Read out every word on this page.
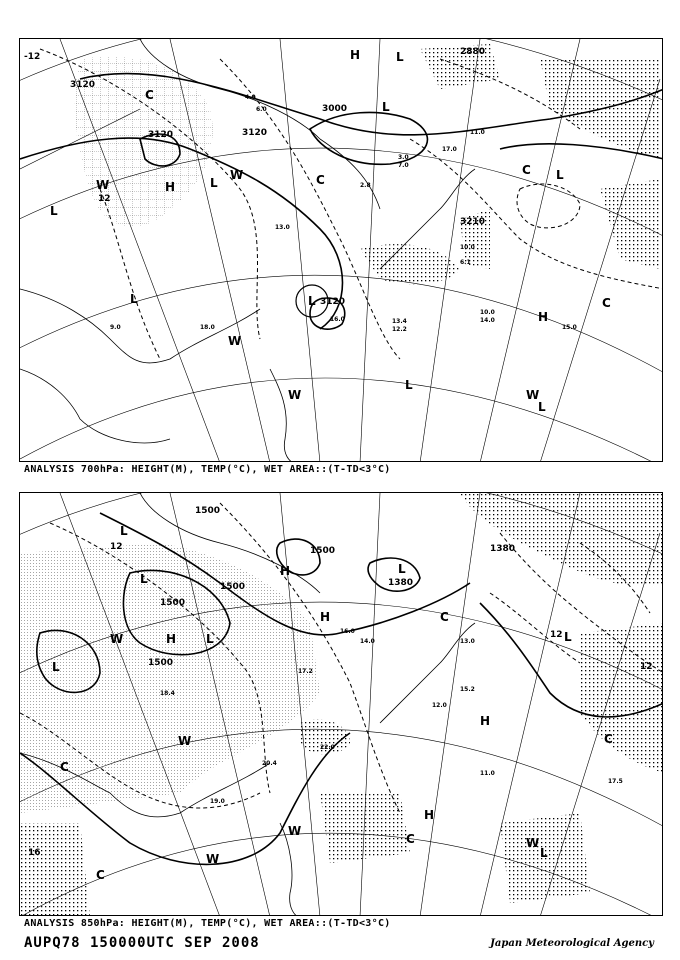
4.0
6.0
2.8
3.0
7.0
11.0
17.0
10.0
14.0
15.0
9.0
13.4
12.2
16.0
18.0
6.1
10.0
13.0
3120
3120	3120
3120
3000
2880
3210
-12
12
L
L
L
L
L
L
L
L
L
H
H
H
W
W
W	W
W
C
C
C
C
ANALYSIS 700hPa: HEIGHT(M), TEMP(°C), WET AREA::(T-TD<3°C)
17.2
16.0
14.0
20.4
13.0
15.2
17.5
19.0
11.0
12.0
22.0
18.4
1500
1500
1500
1500
1500
1380
1380
12
12
16
12
L
L
L
L
L
L
L
H
H
H
H
H
W
W
W
W
W
C
C
C
C
C
ANALYSIS 850hPa: HEIGHT(M), TEMP(°C), WET AREA::(T-TD<3°C)
AUPQ78 150000UTC SEP 2008	Japan Meteorological Agency
